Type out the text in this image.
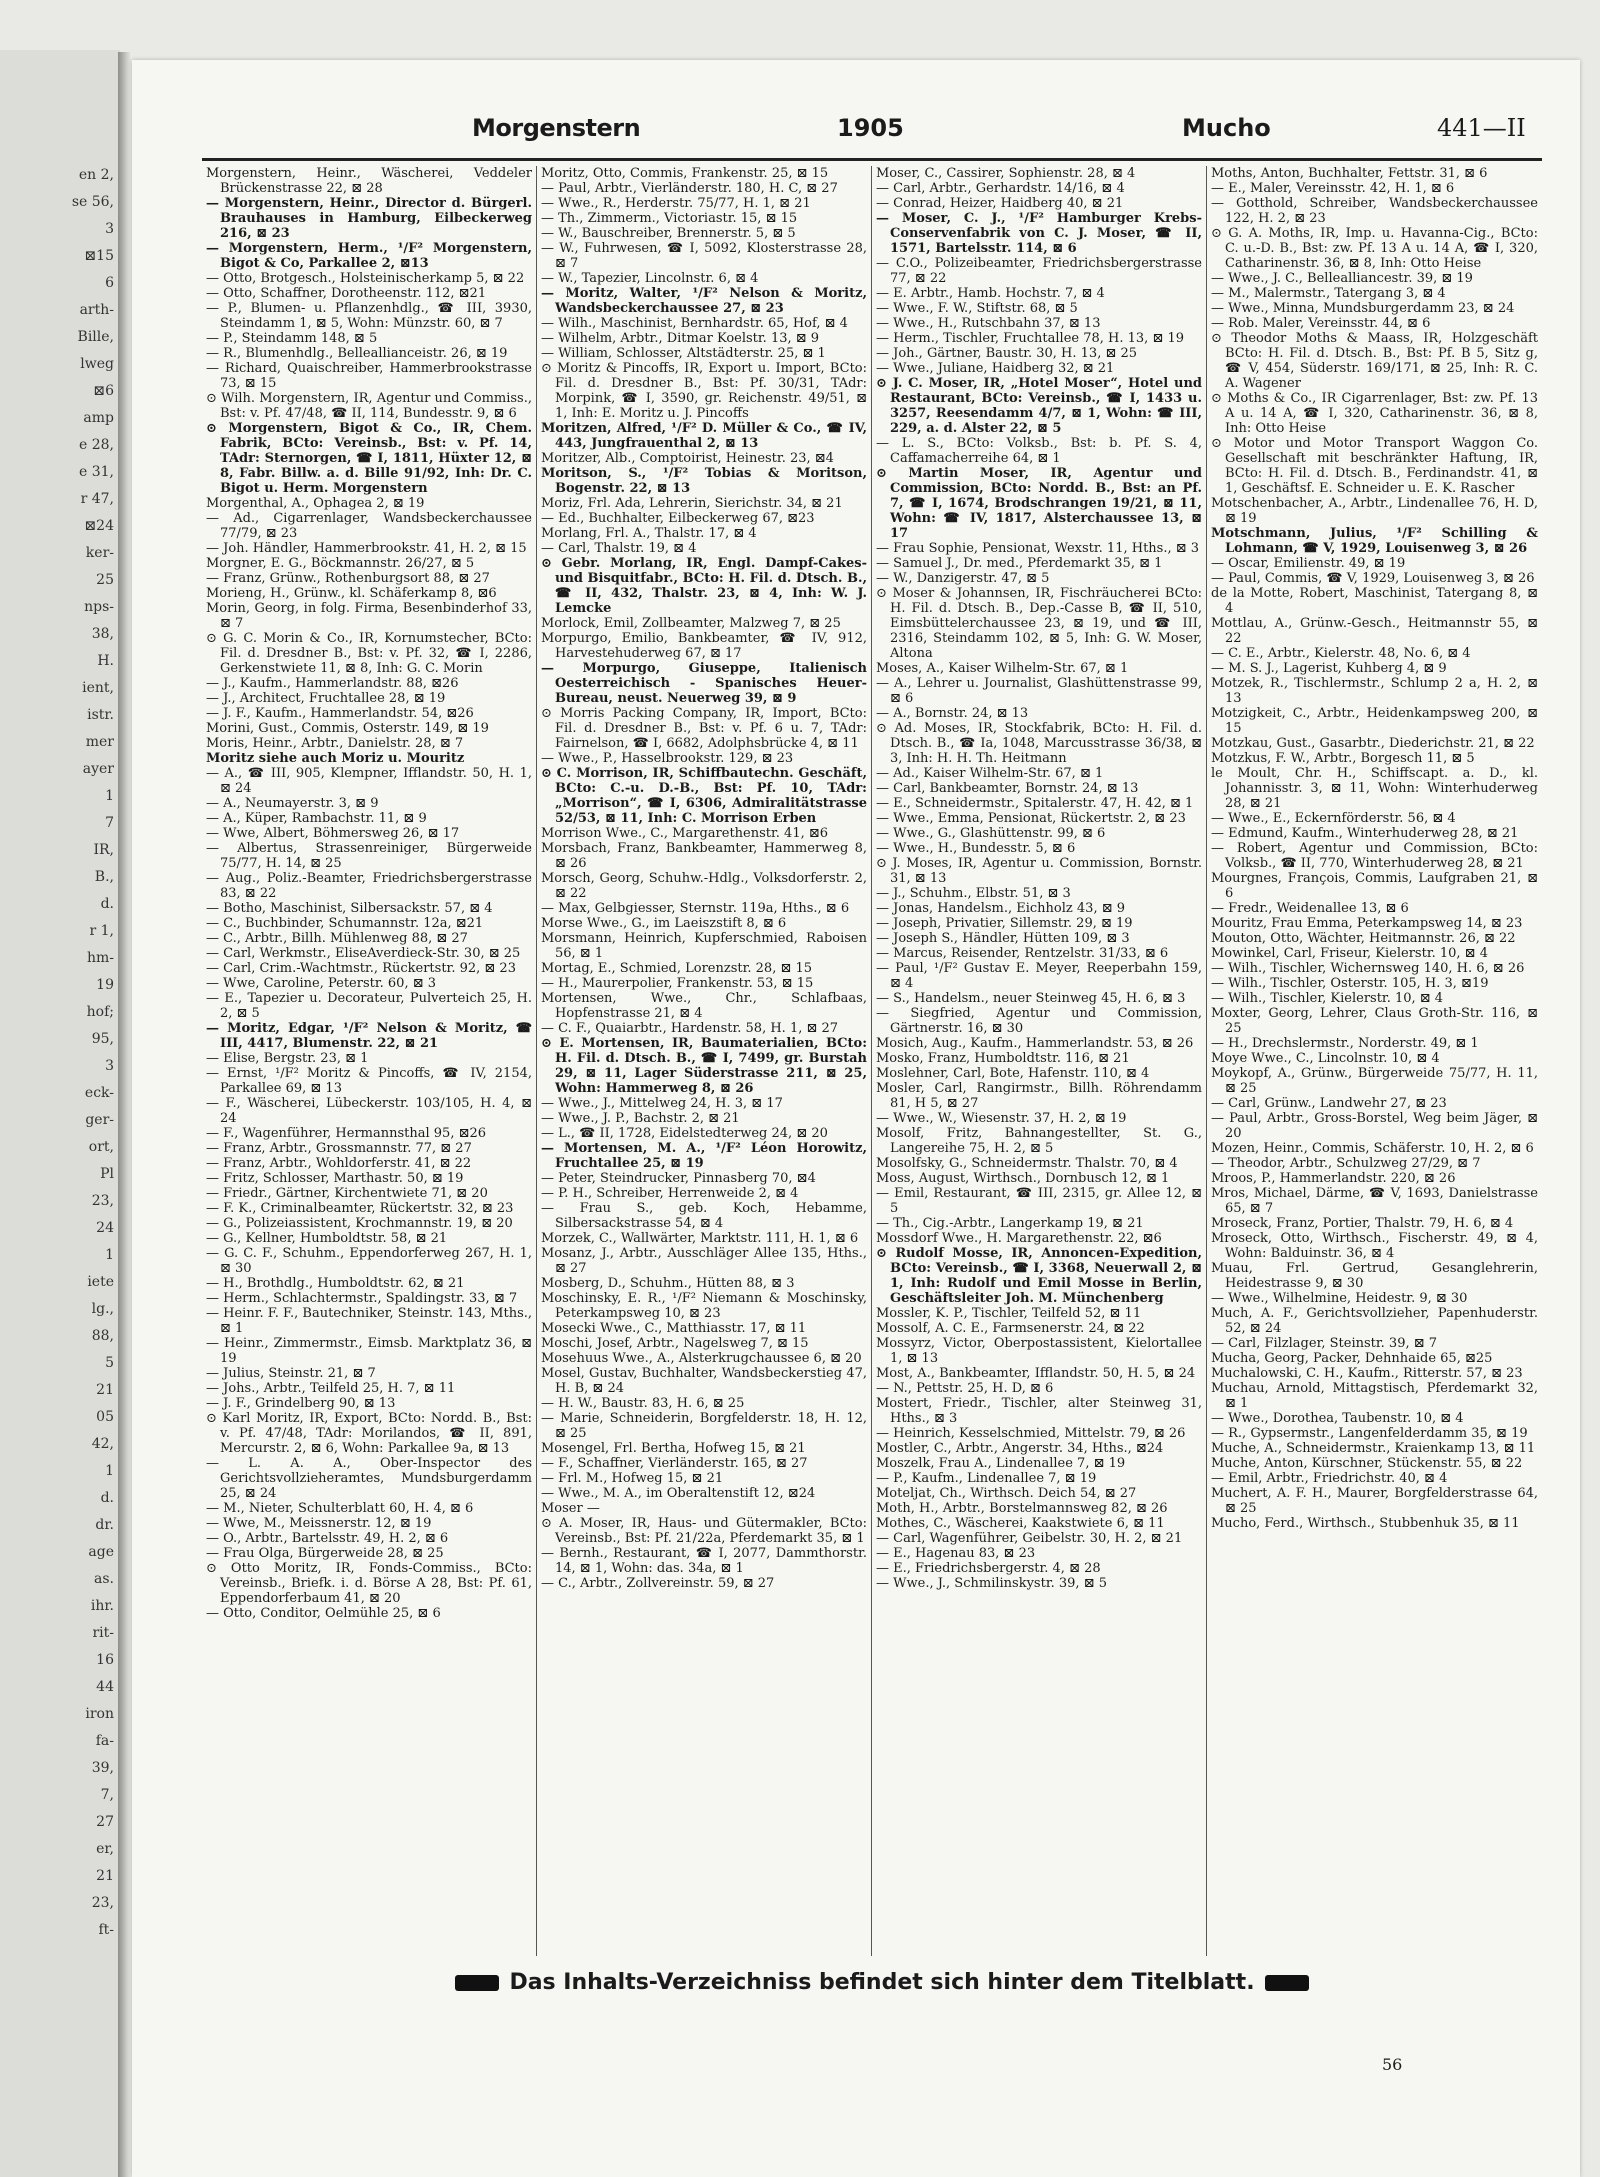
en 2,
se 56,
3
⊠15
6
arth-
Bille,
lweg
⊠6
amp
e 28,
e 31,
r 47,
⊠24
ker-
25
nps-
38,
H.
ient,
istr.
mer
ayer
1
7
IR,
B.,
d.
r 1,
hm-
19
hof;
95,
3
eck-
ger-
ort,
Pl
23,
24
1
iete
lg.,
88,
5
21
05
42,
1
d.
dr.
age
as.
ihr.
rit-
16
44
iron
fa-
39,
7,
27
er,
21
23,
ft-
Morgenstern	1905	Mucho	441—II

Morgenstern, Heinr., Wäscherei, Veddeler Brückenstrasse 22, ⊠ 28

— Morgenstern, Heinr., Director d. Bürgerl. Brauhauses in Hamburg, Eilbeckerweg 216, ⊠ 23

— Morgenstern, Herm., ¹/F² Morgenstern, Bigot & Co, Parkallee 2, ⊠13

— Otto, Brotgesch., Holsteinischerkamp 5, ⊠ 22

— Otto, Schaffner, Dorotheenstr. 112, ⊠21

— P., Blumen- u. Pflanzenhdlg., ☎ III, 3930, Steindamm 1, ⊠ 5, Wohn: Münzstr. 60, ⊠ 7

— P., Steindamm 148, ⊠ 5

— R., Blumenhdlg., Belleallianceistr. 26, ⊠ 19

— Richard, Quaischreiber, Hammerbrookstrasse 73, ⊠ 15

⊙ Wilh. Morgenstern, IR, Agentur und Commiss., Bst: v. Pf. 47/48, ☎ II, 114, Bundesstr. 9, ⊠ 6

⊙ Morgenstern, Bigot & Co., IR, Chem. Fabrik, BCto: Vereinsb., Bst: v. Pf. 14, TAdr: Sternorgen, ☎ I, 1811, Hüxter 12, ⊠ 8, Fabr. Billw. a. d. Bille 91/92, Inh: Dr. C. Bigot u. Herm. Morgenstern

Morgenthal, A., Ophagea 2, ⊠ 19

— Ad., Cigarrenlager, Wandsbeckerchaussee 77/79, ⊠ 23

— Joh. Händler, Hammerbrookstr. 41, H. 2, ⊠ 15

Morgner, E. G., Böckmannstr. 26/27, ⊠ 5

— Franz, Grünw., Rothenburgsort 88, ⊠ 27

Morieng, H., Grünw., kl. Schäferkamp 8, ⊠6

Morin, Georg, in folg. Firma, Besenbinderhof 33, ⊠ 7

⊙ G. C. Morin & Co., IR, Kornumstecher, BCto: Fil. d. Dresdner B., Bst: v. Pf. 32, ☎ I, 2286, Gerkenstwiete 11, ⊠ 8, Inh: G. C. Morin

— J., Kaufm., Hammerlandstr. 88, ⊠26

— J., Architect, Fruchtallee 28, ⊠ 19

— J. F., Kaufm., Hammerlandstr. 54, ⊠26

Morini, Gust., Commis, Osterstr. 149, ⊠ 19

Moris, Heinr., Arbtr., Danielstr. 28, ⊠ 7

Moritz siehe auch Moriz u. Mouritz

— A., ☎ III, 905, Klempner, Ifflandstr. 50, H. 1, ⊠ 24

— A., Neumayerstr. 3, ⊠ 9

— A., Küper, Rambachstr. 11, ⊠ 9

— Wwe, Albert, Böhmersweg 26, ⊠ 17

— Albertus, Strassenreiniger, Bürgerweide 75/77, H. 14, ⊠ 25

— Aug., Poliz.-Beamter, Friedrichsbergerstrasse 83, ⊠ 22

— Botho, Maschinist, Silbersackstr. 57, ⊠ 4

— C., Buchbinder, Schumannstr. 12a, ⊠21

— C., Arbtr., Billh. Mühlenweg 88, ⊠ 27

— Carl, Werkmstr., EliseAverdieck-Str. 30, ⊠ 25

— Carl, Crim.-Wachtmstr., Rückertstr. 92, ⊠ 23

— Wwe, Caroline, Peterstr. 60, ⊠ 3

— E., Tapezier u. Decorateur, Pulverteich 25, H. 2, ⊠ 5

— Moritz, Edgar, ¹/F² Nelson & Moritz, ☎ III, 4417, Blumenstr. 22, ⊠ 21

— Elise, Bergstr. 23, ⊠ 1

— Ernst, ¹/F² Moritz & Pincoffs, ☎ IV, 2154, Parkallee 69, ⊠ 13

— F., Wäscherei, Lübeckerstr. 103/105, H. 4, ⊠ 24

— F., Wagenführer, Hermannsthal 95, ⊠26

— Franz, Arbtr., Grossmannstr. 77, ⊠ 27

— Franz, Arbtr., Wohldorferstr. 41, ⊠ 22

— Fritz, Schlosser, Marthastr. 50, ⊠ 19

— Friedr., Gärtner, Kirchentwiete 71, ⊠ 20

— F. K., Criminalbeamter, Rückertstr. 32, ⊠ 23

— G., Polizeiassistent, Krochmannstr. 19, ⊠ 20

— G., Kellner, Humboldtstr. 58, ⊠ 21

— G. C. F., Schuhm., Eppendorferweg 267, H. 1, ⊠ 30

— H., Brothdlg., Humboldtstr. 62, ⊠ 21

— Herm., Schlachtermstr., Spaldingstr. 33, ⊠ 7

— Heinr. F. F., Bautechniker, Steinstr. 143, Mths., ⊠ 1

— Heinr., Zimmermstr., Eimsb. Marktplatz 36, ⊠ 19

— Julius, Steinstr. 21, ⊠ 7

— Johs., Arbtr., Teilfeld 25, H. 7, ⊠ 11

— J. F., Grindelberg 90, ⊠ 13

⊙ Karl Moritz, IR, Export, BCto: Nordd. B., Bst: v. Pf. 47/48, TAdr: Morilandos, ☎ II, 891, Mercurstr. 2, ⊠ 6, Wohn: Parkallee 9a, ⊠ 13

— L. A. A., Ober-Inspector des Gerichtsvollzieheramtes, Mundsburgerdamm 25, ⊠ 24

— M., Nieter, Schulterblatt 60, H. 4, ⊠ 6

— Wwe, M., Meissnerstr. 12, ⊠ 19

— O., Arbtr., Bartelsstr. 49, H. 2, ⊠ 6

— Frau Olga, Bürgerweide 28, ⊠ 25

⊙ Otto Moritz, IR, Fonds-Commiss., BCto: Vereinsb., Briefk. i. d. Börse A 28, Bst: Pf. 61, Eppendorferbaum 41, ⊠ 20

— Otto, Conditor, Oelmühle 25, ⊠ 6

Moritz, Otto, Commis, Frankenstr. 25, ⊠ 15

— Paul, Arbtr., Vierländerstr. 180, H. C, ⊠ 27

— Wwe., R., Herderstr. 75/77, H. 1, ⊠ 21

— Th., Zimmerm., Victoriastr. 15, ⊠ 15

— W., Bauschreiber, Brennerstr. 5, ⊠ 5

— W., Fuhrwesen, ☎ I, 5092, Klosterstrasse 28, ⊠ 7

— W., Tapezier, Lincolnstr. 6, ⊠ 4

— Moritz, Walter, ¹/F² Nelson & Moritz, Wandsbeckerchaussee 27, ⊠ 23

— Wilh., Maschinist, Bernhardstr. 65, Hof, ⊠ 4

— Wilhelm, Arbtr., Ditmar Koelstr. 13, ⊠ 9

— William, Schlosser, Altstädterstr. 25, ⊠ 1

⊙ Moritz & Pincoffs, IR, Export u. Import, BCto: Fil. d. Dresdner B., Bst: Pf. 30/31, TAdr: Morpink, ☎ I, 3590, gr. Reichenstr. 49/51, ⊠ 1, Inh: E. Moritz u. J. Pincoffs

Moritzen, Alfred, ¹/F² D. Müller & Co., ☎ IV, 443, Jungfrauenthal 2, ⊠ 13

Moritzer, Alb., Comptoirist, Heinestr. 23, ⊠4

Moritson, S., ¹/F² Tobias & Moritson, Bogenstr. 22, ⊠ 13

Moriz, Frl. Ada, Lehrerin, Sierichstr. 34, ⊠ 21

— Ed., Buchhalter, Eilbeckerweg 67, ⊠23

Morlang, Frl. A., Thalstr. 17, ⊠ 4

— Carl, Thalstr. 19, ⊠ 4

⊙ Gebr. Morlang, IR, Engl. Dampf-Cakes- und Bisquitfabr., BCto: H. Fil. d. Dtsch. B., ☎ II, 432, Thalstr. 23, ⊠ 4, Inh: W. J. Lemcke

Morlock, Emil, Zollbeamter, Malzweg 7, ⊠ 25

Morpurgo, Emilio, Bankbeamter, ☎ IV, 912, Harvestehuderweg 67, ⊠ 17

— Morpurgo, Giuseppe, Italienisch Oesterreichisch - Spanisches Heuer-Bureau, neust. Neuerweg 39, ⊠ 9

⊙ Morris Packing Company, IR, Import, BCto: Fil. d. Dresdner B., Bst: v. Pf. 6 u. 7, TAdr: Fairnelson, ☎ I, 6682, Adolphsbrücke 4, ⊠ 11

— Wwe., P., Hasselbrookstr. 129, ⊠ 23

⊙ C. Morrison, IR, Schiffbautechn. Geschäft, BCto: C.-u. D.-B., Bst: Pf. 10, TAdr: „Morrison“, ☎ I, 6306, Admiralitätstrasse 52/53, ⊠ 11, Inh: C. Morrison Erben

Morrison Wwe., C., Margarethenstr. 41, ⊠6

Morsbach, Franz, Bankbeamter, Hammerweg 8, ⊠ 26

Morsch, Georg, Schuhw.-Hdlg., Volksdorferstr. 2, ⊠ 22

— Max, Gelbgiesser, Sternstr. 119a, Hths., ⊠ 6

Morse Wwe., G., im Laeiszstift 8, ⊠ 6

Morsmann, Heinrich, Kupferschmied, Raboisen 56, ⊠ 1

Mortag, E., Schmied, Lorenzstr. 28, ⊠ 15

— H., Maurerpolier, Frankenstr. 53, ⊠ 15

Mortensen, Wwe., Chr., Schlafbaas, Hopfenstrasse 21, ⊠ 4

— C. F., Quaiarbtr., Hardenstr. 58, H. 1, ⊠ 27

⊙ E. Mortensen, IR, Baumaterialien, BCto: H. Fil. d. Dtsch. B., ☎ I, 7499, gr. Burstah 29, ⊠ 11, Lager Süderstrasse 211, ⊠ 25, Wohn: Hammerweg 8, ⊠ 26

— Wwe., J., Mittelweg 24, H. 3, ⊠ 17

— Wwe., J. P., Bachstr. 2, ⊠ 21

— L., ☎ II, 1728, Eidelstedterweg 24, ⊠ 20

— Mortensen, M. A., ¹/F² Léon Horowitz, Fruchtallee 25, ⊠ 19

— Peter, Steindrucker, Pinnasberg 70, ⊠4

— P. H., Schreiber, Herrenweide 2, ⊠ 4

— Frau S., geb. Koch, Hebamme, Silbersackstrasse 54, ⊠ 4

Morzek, C., Wallwärter, Marktstr. 111, H. 1, ⊠ 6

Mosanz, J., Arbtr., Ausschläger Allee 135, Hths., ⊠ 27

Mosberg, D., Schuhm., Hütten 88, ⊠ 3

Moschinsky, E. R., ¹/F² Niemann & Moschinsky, Peterkampsweg 10, ⊠ 23

Mosecki Wwe., C., Matthiasstr. 17, ⊠ 11

Moschi, Josef, Arbtr., Nagelsweg 7, ⊠ 15

Mosehuus Wwe., A., Alsterkrugchaussee 6, ⊠ 20

Mosel, Gustav, Buchhalter, Wandsbeckerstieg 47, H. B, ⊠ 24

— H. W., Baustr. 83, H. 6, ⊠ 25

— Marie, Schneiderin, Borgfelderstr. 18, H. 12, ⊠ 25

Mosengel, Frl. Bertha, Hofweg 15, ⊠ 21

— F., Schaffner, Vierländerstr. 165, ⊠ 27

— Frl. M., Hofweg 15, ⊠ 21

— Wwe., M. A., im Oberaltenstift 12, ⊠24

Moser —

⊙ A. Moser, IR, Haus- und Gütermakler, BCto: Vereinsb., Bst: Pf. 21/22a, Pferdemarkt 35, ⊠ 1

— Bernh., Restaurant, ☎ I, 2077, Dammthorstr. 14, ⊠ 1, Wohn: das. 34a, ⊠ 1

— C., Arbtr., Zollvereinstr. 59, ⊠ 27

Moser, C., Cassirer, Sophienstr. 28, ⊠ 4

— Carl, Arbtr., Gerhardstr. 14/16, ⊠ 4

— Conrad, Heizer, Haidberg 40, ⊠ 21

— Moser, C. J., ¹/F² Hamburger Krebs-Conservenfabrik von C. J. Moser, ☎ II, 1571, Bartelsstr. 114, ⊠ 6

— C.O., Polizeibeamter, Friedrichsbergerstrasse 77, ⊠ 22

— E. Arbtr., Hamb. Hochstr. 7, ⊠ 4

— Wwe., F. W., Stiftstr. 68, ⊠ 5

— Wwe., H., Rutschbahn 37, ⊠ 13

— Herm., Tischler, Fruchtallee 78, H. 13, ⊠ 19

— Joh., Gärtner, Baustr. 30, H. 13, ⊠ 25

— Wwe., Juliane, Haidberg 32, ⊠ 21

⊙ J. C. Moser, IR, „Hotel Moser“, Hotel und Restaurant, BCto: Vereinsb., ☎ I, 1433 u. 3257, Reesendamm 4/7, ⊠ 1, Wohn: ☎ III, 229, a. d. Alster 22, ⊠ 5

— L. S., BCto: Volksb., Bst: b. Pf. S. 4, Caffamacherreihe 64, ⊠ 1

⊙ Martin Moser, IR, Agentur und Commission, BCto: Nordd. B., Bst: an Pf. 7, ☎ I, 1674, Brodschrangen 19/21, ⊠ 11, Wohn: ☎ IV, 1817, Alsterchaussee 13, ⊠ 17

— Frau Sophie, Pensionat, Wexstr. 11, Hths., ⊠ 3

— Samuel J., Dr. med., Pferdemarkt 35, ⊠ 1

— W., Danzigerstr. 47, ⊠ 5

⊙ Moser & Johannsen, IR, Fischräucherei BCto: H. Fil. d. Dtsch. B., Dep.-Casse B, ☎ II, 510, Eimsbüttelerchaussee 23, ⊠ 19, und ☎ III, 2316, Steindamm 102, ⊠ 5, Inh: G. W. Moser, Altona

Moses, A., Kaiser Wilhelm-Str. 67, ⊠ 1

— A., Lehrer u. Journalist, Glashüttenstrasse 99, ⊠ 6

— A., Bornstr. 24, ⊠ 13

⊙ Ad. Moses, IR, Stockfabrik, BCto: H. Fil. d. Dtsch. B., ☎ Ia, 1048, Marcusstrasse 36/38, ⊠ 3, Inh: H. H. Th. Heitmann

— Ad., Kaiser Wilhelm-Str. 67, ⊠ 1

— Carl, Bankbeamter, Bornstr. 24, ⊠ 13

— E., Schneidermstr., Spitalerstr. 47, H. 42, ⊠ 1

— Wwe., Emma, Pensionat, Rückertstr. 2, ⊠ 23

— Wwe., G., Glashüttenstr. 99, ⊠ 6

— Wwe., H., Bundesstr. 5, ⊠ 6

⊙ J. Moses, IR, Agentur u. Commission, Bornstr. 31, ⊠ 13

— J., Schuhm., Elbstr. 51, ⊠ 3

— Jonas, Handelsm., Eichholz 43, ⊠ 9

— Joseph, Privatier, Sillemstr. 29, ⊠ 19

— Joseph S., Händler, Hütten 109, ⊠ 3

— Marcus, Reisender, Rentzelstr. 31/33, ⊠ 6

— Paul, ¹/F² Gustav E. Meyer, Reeperbahn 159, ⊠ 4

— S., Handelsm., neuer Steinweg 45, H. 6, ⊠ 3

— Siegfried, Agentur und Commission, Gärtnerstr. 16, ⊠ 30

Mosich, Aug., Kaufm., Hammerlandstr. 53, ⊠ 26

Mosko, Franz, Humboldtstr. 116, ⊠ 21

Moslehner, Carl, Bote, Hafenstr. 110, ⊠ 4

Mosler, Carl, Rangirmstr., Billh. Röhrendamm 81, H 5, ⊠ 27

— Wwe., W., Wiesenstr. 37, H. 2, ⊠ 19

Mosolf, Fritz, Bahnangestellter, St. G., Langereihe 75, H. 2, ⊠ 5

Mosolfsky, G., Schneidermstr. Thalstr. 70, ⊠ 4

Moss, August, Wirthsch., Dornbusch 12, ⊠ 1

— Emil, Restaurant, ☎ III, 2315, gr. Allee 12, ⊠ 5

— Th., Cig.-Arbtr., Langerkamp 19, ⊠ 21

Mossdorf Wwe., H. Margarethenstr. 22, ⊠6

⊙ Rudolf Mosse, IR, Annoncen-Expedition, BCto: Vereinsb., ☎ I, 3368, Neuerwall 2, ⊠ 1, Inh: Rudolf und Emil Mosse in Berlin, Geschäftsleiter Joh. M. Münchenberg

Mossler, K. P., Tischler, Teilfeld 52, ⊠ 11

Mossolf, A. C. E., Farmsenerstr. 24, ⊠ 22

Mossyrz, Victor, Oberpostassistent, Kielortallee 1, ⊠ 13

Most, A., Bankbeamter, Ifflandstr. 50, H. 5, ⊠ 24

— N., Pettstr. 25, H. D, ⊠ 6

Mostert, Friedr., Tischler, alter Steinweg 31, Hths., ⊠ 3

— Heinrich, Kesselschmied, Mittelstr. 79, ⊠ 26

Mostler, C., Arbtr., Angerstr. 34, Hths., ⊠24

Moszelk, Frau A., Lindenallee 7, ⊠ 19

— P., Kaufm., Lindenallee 7, ⊠ 19

Moteljat, Ch., Wirthsch. Deich 54, ⊠ 27

Moth, H., Arbtr., Borstelmannsweg 82, ⊠ 26

Mothes, C., Wäscherei, Kaakstwiete 6, ⊠ 11

— Carl, Wagenführer, Geibelstr. 30, H. 2, ⊠ 21

— E., Hagenau 83, ⊠ 23

— E., Friedrichsbergerstr. 4, ⊠ 28

— Wwe., J., Schmilinskystr. 39, ⊠ 5

Moths, Anton, Buchhalter, Fettstr. 31, ⊠ 6

— E., Maler, Vereinsstr. 42, H. 1, ⊠ 6

— Gotthold, Schreiber, Wandsbeckerchaussee 122, H. 2, ⊠ 23

⊙ G. A. Moths, IR, Imp. u. Havanna-Cig., BCto: C. u.-D. B., Bst: zw. Pf. 13 A u. 14 A, ☎ I, 320, Catharinenstr. 36, ⊠ 8, Inh: Otto Heise

— Wwe., J. C., Bellealliancestr. 39, ⊠ 19

— M., Malermstr., Tatergang 3, ⊠ 4

— Wwe., Minna, Mundsburgerdamm 23, ⊠ 24

— Rob. Maler, Vereinsstr. 44, ⊠ 6

⊙ Theodor Moths & Maass, IR, Holzgeschäft BCto: H. Fil. d. Dtsch. B., Bst: Pf. B 5, Sitz g, ☎ V, 454, Süderstr. 169/171, ⊠ 25, Inh: R. C. A. Wagener

⊙ Moths & Co., IR Cigarrenlager, Bst: zw. Pf. 13 A u. 14 A, ☎ I, 320, Catharinenstr. 36, ⊠ 8, Inh: Otto Heise

⊙ Motor und Motor Transport Waggon Co. Gesellschaft mit beschränkter Haftung, IR, BCto: H. Fil. d. Dtsch. B., Ferdinandstr. 41, ⊠ 1, Geschäftsf. E. Schneider u. E. K. Rascher

Motschenbacher, A., Arbtr., Lindenallee 76, H. D, ⊠ 19

Motschmann, Julius, ¹/F² Schilling & Lohmann, ☎ V, 1929, Louisenweg 3, ⊠ 26

— Oscar, Emilienstr. 49, ⊠ 19

— Paul, Commis, ☎ V, 1929, Louisenweg 3, ⊠ 26

de la Motte, Robert, Maschinist, Tatergang 8, ⊠ 4

Mottlau, A., Grünw.-Gesch., Heitmannstr 55, ⊠ 22

— C. E., Arbtr., Kielerstr. 48, No. 6, ⊠ 4

— M. S. J., Lagerist, Kuhberg 4, ⊠ 9

Motzek, R., Tischlermstr., Schlump 2 a, H. 2, ⊠ 13

Motzigkeit, C., Arbtr., Heidenkampsweg 200, ⊠ 15

Motzkau, Gust., Gasarbtr., Diederichstr. 21, ⊠ 22

Motzkus, F. W., Arbtr., Borgesch 11, ⊠ 5

le Moult, Chr. H., Schiffscapt. a. D., kl. Johannisstr. 3, ⊠ 11, Wohn: Winterhuderweg 28, ⊠ 21

— Wwe., E., Eckernförderstr. 56, ⊠ 4

— Edmund, Kaufm., Winterhuderweg 28, ⊠ 21

— Robert, Agentur und Commission, BCto: Volksb., ☎ II, 770, Winterhuderweg 28, ⊠ 21

Mourgnes, François, Commis, Laufgraben 21, ⊠ 6

— Fredr., Weidenallee 13, ⊠ 6

Mouritz, Frau Emma, Peterkampsweg 14, ⊠ 23

Mouton, Otto, Wächter, Heitmannstr. 26, ⊠ 22

Mowinkel, Carl, Friseur, Kielerstr. 10, ⊠ 4

— Wilh., Tischler, Wichernsweg 140, H. 6, ⊠ 26

— Wilh., Tischler, Osterstr. 105, H. 3, ⊠19

— Wilh., Tischler, Kielerstr. 10, ⊠ 4

Moxter, Georg, Lehrer, Claus Groth-Str. 116, ⊠ 25

— H., Drechslermstr., Norderstr. 49, ⊠ 1

Moye Wwe., C., Lincolnstr. 10, ⊠ 4

Moykopf, A., Grünw., Bürgerweide 75/77, H. 11, ⊠ 25

— Carl, Grünw., Landwehr 27, ⊠ 23

— Paul, Arbtr., Gross-Borstel, Weg beim Jäger, ⊠ 20

Mozen, Heinr., Commis, Schäferstr. 10, H. 2, ⊠ 6

— Theodor, Arbtr., Schulzweg 27/29, ⊠ 7

Mroos, P., Hammerlandstr. 220, ⊠ 26

Mros, Michael, Därme, ☎ V, 1693, Danielstrasse 65, ⊠ 7

Mroseck, Franz, Portier, Thalstr. 79, H. 6, ⊠ 4

Mroseck, Otto, Wirthsch., Fischerstr. 49, ⊠ 4, Wohn: Balduinstr. 36, ⊠ 4

Muau, Frl. Gertrud, Gesanglehrerin, Heidestrasse 9, ⊠ 30

— Wwe., Wilhelmine, Heidestr. 9, ⊠ 30

Much, A. F., Gerichtsvollzieher, Papenhuderstr. 52, ⊠ 24

— Carl, Filzlager, Steinstr. 39, ⊠ 7

Mucha, Georg, Packer, Dehnhaide 65, ⊠25

Muchalowski, C. H., Kaufm., Ritterstr. 57, ⊠ 23

Muchau, Arnold, Mittagstisch, Pferdemarkt 32, ⊠ 1

— Wwe., Dorothea, Taubenstr. 10, ⊠ 4

— R., Gypsermstr., Langenfelderdamm 35, ⊠ 19

Muche, A., Schneidermstr., Kraienkamp 13, ⊠ 11

Muche, Anton, Kürschner, Stückenstr. 55, ⊠ 22

— Emil, Arbtr., Friedrichstr. 40, ⊠ 4

Muchert, A. F. H., Maurer, Borgfelderstrasse 64, ⊠ 25

Mucho, Ferd., Wirthsch., Stubbenhuk 35, ⊠ 11

Das Inhalts-Verzeichniss befindet sich hinter dem Titelblatt.
56
